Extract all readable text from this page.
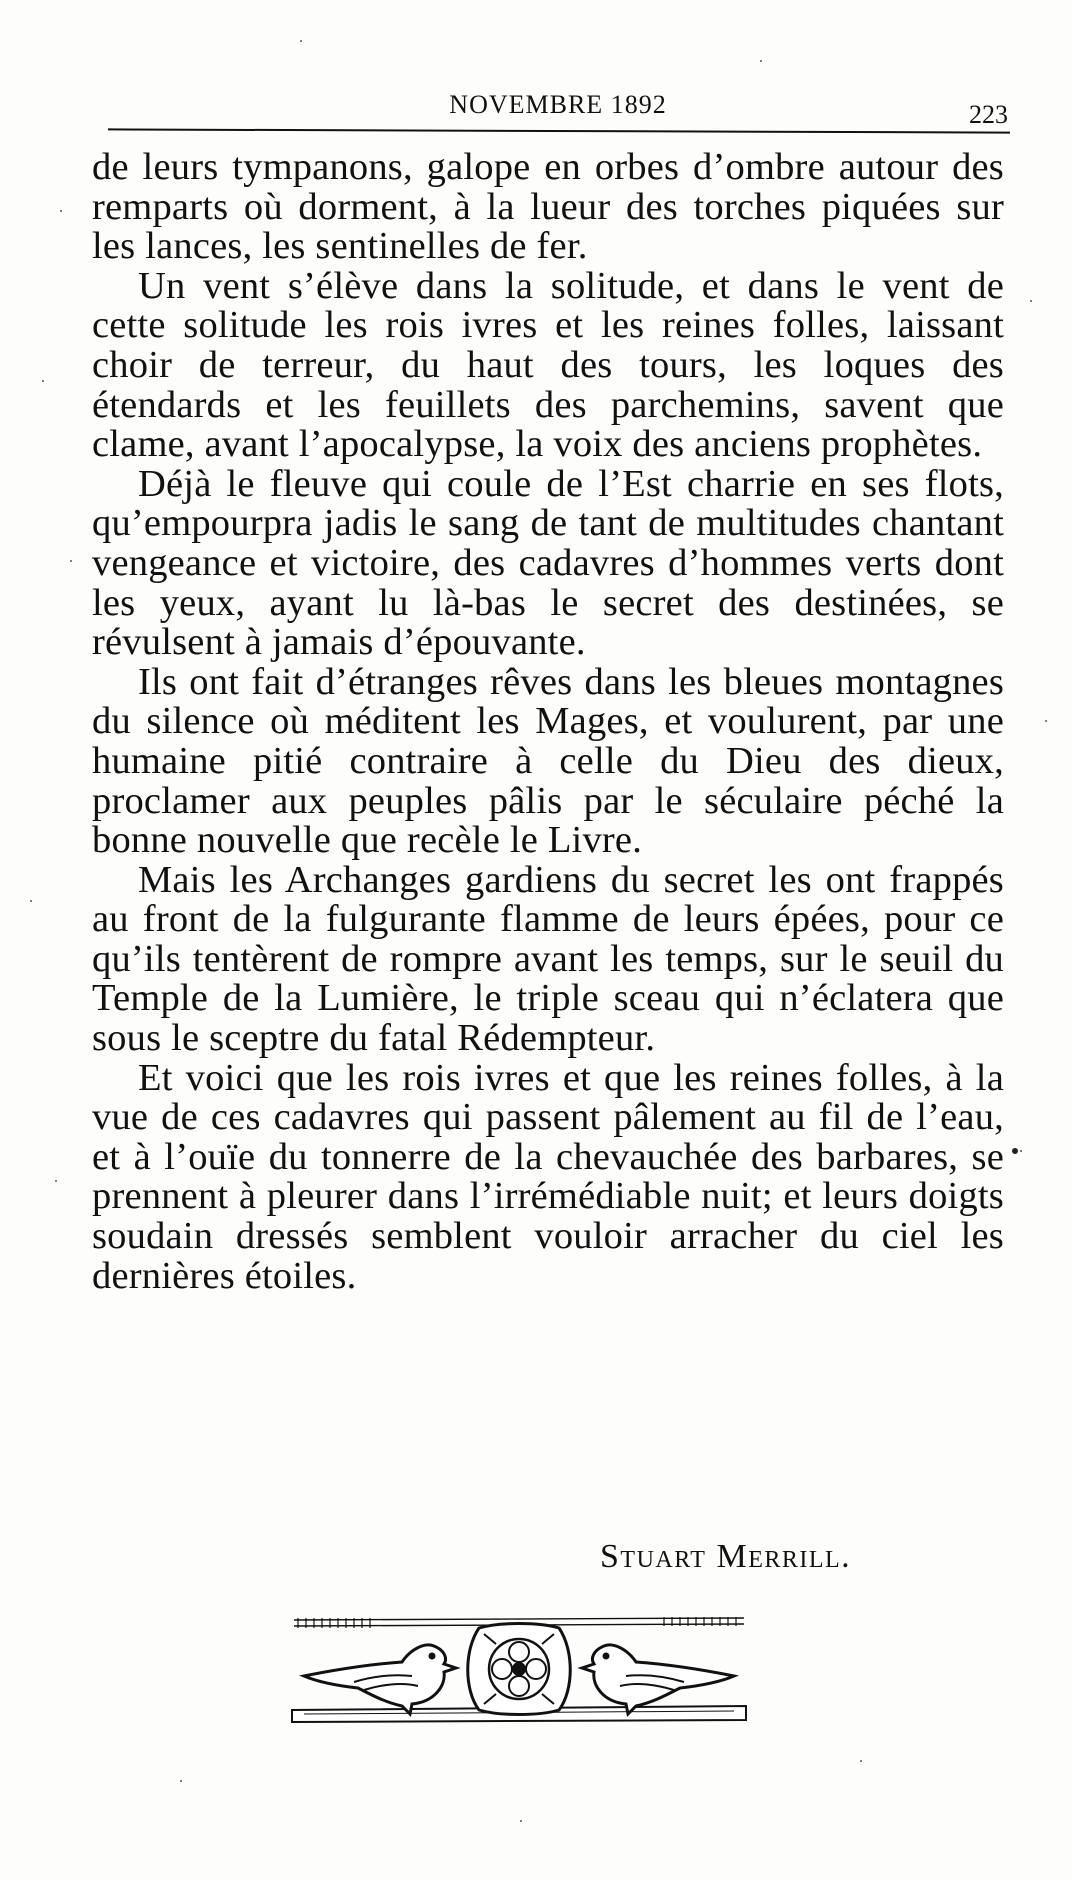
NOVEMBRE 1892	223

de leurs tympanons, galope en orbes d’ombre autour des remparts où dorment, à la lueur des torches piquées sur les lances, les sentinelles de fer.

Un vent s’élève dans la solitude, et dans le vent de cette solitude les rois ivres et les reines folles, laissant choir de terreur, du haut des tours, les loques des étendards et les feuillets des parchemins, savent que clame, avant l’apocalypse, la voix des anciens prophètes.

Déjà le fleuve qui coule de l’Est charrie en ses flots, qu’empourpra jadis le sang de tant de multitudes chantant vengeance et victoire, des cadavres d’hommes verts dont les yeux, ayant lu là-bas le secret des destinées, se révulsent à jamais d’épouvante.

Ils ont fait d’étranges rêves dans les bleues montagnes du silence où méditent les Mages, et voulurent, par une humaine pitié contraire à celle du Dieu des dieux, proclamer aux peuples pâlis par le séculaire péché la bonne nouvelle que recèle le Livre.

Mais les Archanges gardiens du secret les ont frappés au front de la fulgurante flamme de leurs épées, pour ce qu’ils tentèrent de rompre avant les temps, sur le seuil du Temple de la Lumière, le triple sceau qui n’éclatera que sous le sceptre du fatal Rédempteur.

Et voici que les rois ivres et que les reines folles, à la vue de ces cadavres qui passent pâlement au fil de l’eau, et à l’ouïe du tonnerre de la chevauchée des barbares, se prennent à pleurer dans l’irrémédiable nuit; et leurs doigts soudain dressés semblent vouloir arracher du ciel les dernières étoiles.

Stuart Merrill.
